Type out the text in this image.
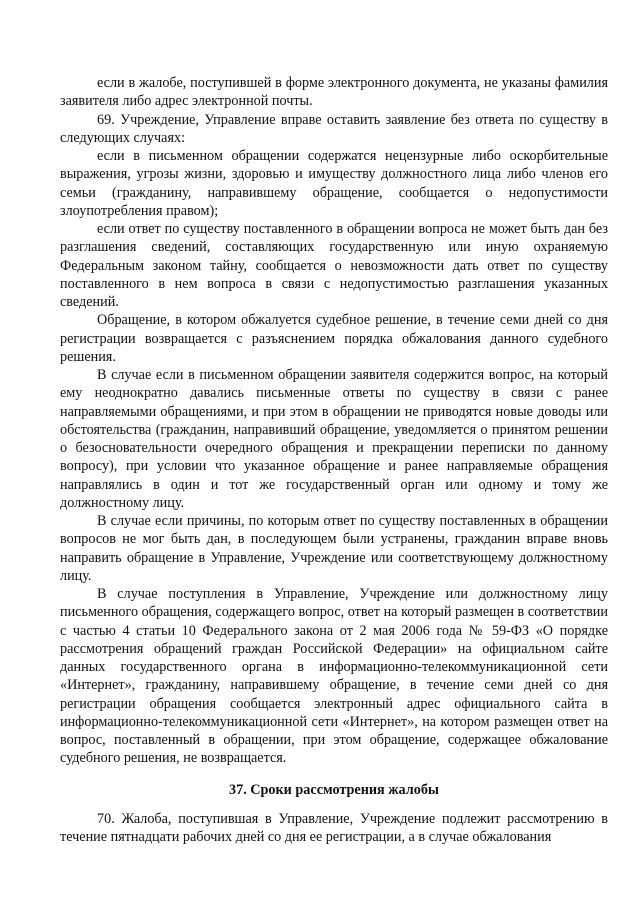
если в жалобе, поступившей в форме электронного документа, не указаны фамилия заявителя либо адрес электронной почты.

69. Учреждение, Управление вправе оставить заявление без ответа по существу в следующих случаях:

если в письменном обращении содержатся нецензурные либо оскорбительные выражения, угрозы жизни, здоровью и имуществу должностного лица либо членов его семьи (гражданину, направившему обращение, сообщается о недопустимости злоупотребления правом);

если ответ по существу поставленного в обращении вопроса не может быть дан без разглашения сведений, составляющих государственную или иную охраняемую Федеральным законом тайну, сообщается о невозможности дать ответ по существу поставленного в нем вопроса в связи с недопустимостью разглашения указанных сведений.

Обращение, в котором обжалуется судебное решение, в течение семи дней со дня регистрации возвращается с разъяснением порядка обжалования данного судебного решения.

В случае если в письменном обращении заявителя содержится вопрос, на который ему неоднократно давались письменные ответы по существу в связи с ранее направляемыми обращениями, и при этом в обращении не приводятся новые доводы или обстоятельства (гражданин, направивший обращение, уведомляется о принятом решении о безосновательности очередного обращения и прекращении переписки по данному вопросу), при условии что указанное обращение и ранее направляемые обращения направлялись в один и тот же государственный орган или одному и тому же должностному лицу.

В случае если причины, по которым ответ по существу поставленных в обращении вопросов не мог быть дан, в последующем были устранены, гражданин вправе вновь направить обращение в Управление, Учреждение или соответствующему должностному лицу.

В случае поступления в Управление, Учреждение или должностному лицу письменного обращения, содержащего вопрос, ответ на который размещен в соответствии с частью 4 статьи 10 Федерального закона от 2 мая 2006 года № 59-ФЗ «О порядке рассмотрения обращений граждан Российской Федерации» на официальном сайте данных государственного органа в информационно-телекоммуникационной сети «Интернет», гражданину, направившему обращение, в течение семи дней со дня регистрации обращения сообщается электронный адрес официального сайта в информационно-телекоммуникационной сети «Интернет», на котором размещен ответ на вопрос, поставленный в обращении, при этом обращение, содержащее обжалование судебного решения, не возвращается.

37. Сроки рассмотрения жалобы

70. Жалоба, поступившая в Управление, Учреждение подлежит рассмотрению в течение пятнадцати рабочих дней со дня ее регистрации, а в случае обжалования
